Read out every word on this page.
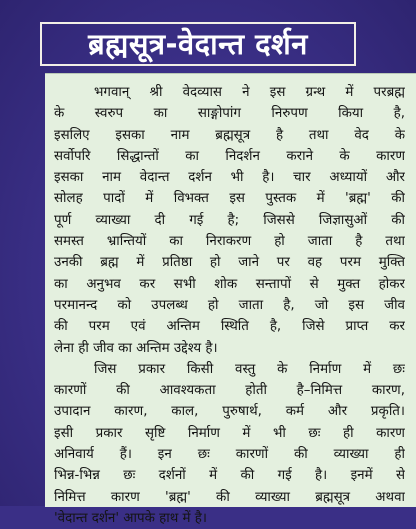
ब्रह्मसूत्र-वेदान्त दर्शन
भगवान् श्री वेदव्यास ने इस ग्रन्थ में परब्रह्म
के स्वरुप का साङ्गोपांग निरुपण किया है,
इसलिए इसका नाम ब्रह्मसूत्र है तथा वेद के
सर्वोपरि सिद्धान्तों का निदर्शन कराने के कारण
इसका नाम वेदान्त दर्शन भी है। चार अध्यायों और
सोलह पादों में विभक्त इस पुस्तक में 'ब्रह्म' की
पूर्ण व्याख्या दी गई है; जिससे जिज्ञासुओं की
समस्त भ्रान्तियों का निराकरण हो जाता है तथा
उनकी ब्रह्म में प्रतिष्ठा हो जाने पर वह परम मुक्ति
का अनुभव कर सभी शोक सन्तापों से मुक्त होकर
परमानन्द को उपलब्ध हो जाता है, जो इस जीव
की परम एवं अन्तिम स्थिति है, जिसे प्राप्त कर
लेना ही जीव का अन्तिम उद्देश्य है।
जिस प्रकार किसी वस्तु के निर्माण में छः
कारणों की आवश्यकता होती है–निमित्त कारण,
उपादान कारण, काल, पुरुषार्थ, कर्म और प्रकृति।
इसी प्रकार सृष्टि निर्माण में भी छः ही कारण
अनिवार्य हैं। इन छः कारणों की व्याख्या ही
भिन्न-भिन्न छः दर्शनों में की गई है। इनमें से
निमित्त कारण 'ब्रह्म' की व्याख्या ब्रह्मसूत्र अथवा
'वेदान्त दर्शन' आपके हाथ में है।
